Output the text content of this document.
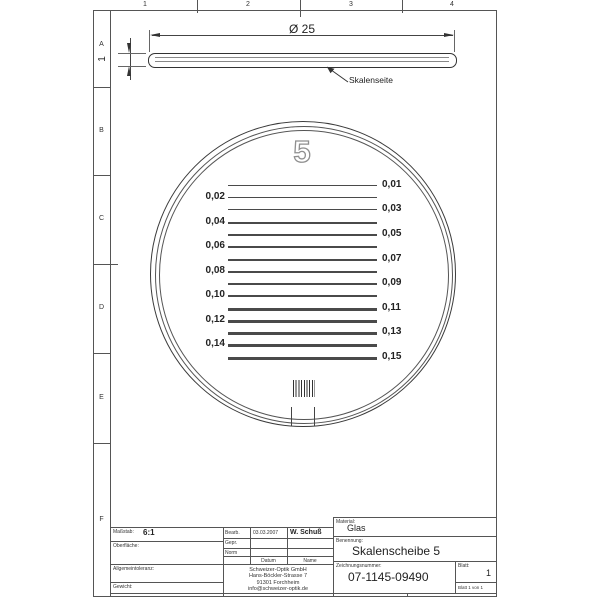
1	2	3	4
A
B
C
D
E
F
Ø 25
1
Skalenseite
5
0,01
0,02
0,03
0,04
0,05
0,06
0,07
0,08
0,09
0,10
0,11
0,12
0,13
0,14
0,15
Maßstab: 6:1
Oberfläche:
Allgemeintoleranz:
Gewicht:
Bearb.	03.03.2007 W. Schuß
Gepr.
Norm
Datum	Name
Schweizer-Optik GmbH
Hans-Böckler-Strasse 7
91301 Forchheim
info@schweizer-optik.de
Material:
Glas
Benennung:
Skalenscheibe 5
Zeichnungsnummer:
07-1145-09490
Blatt:
1
Blatt 1 von 1
